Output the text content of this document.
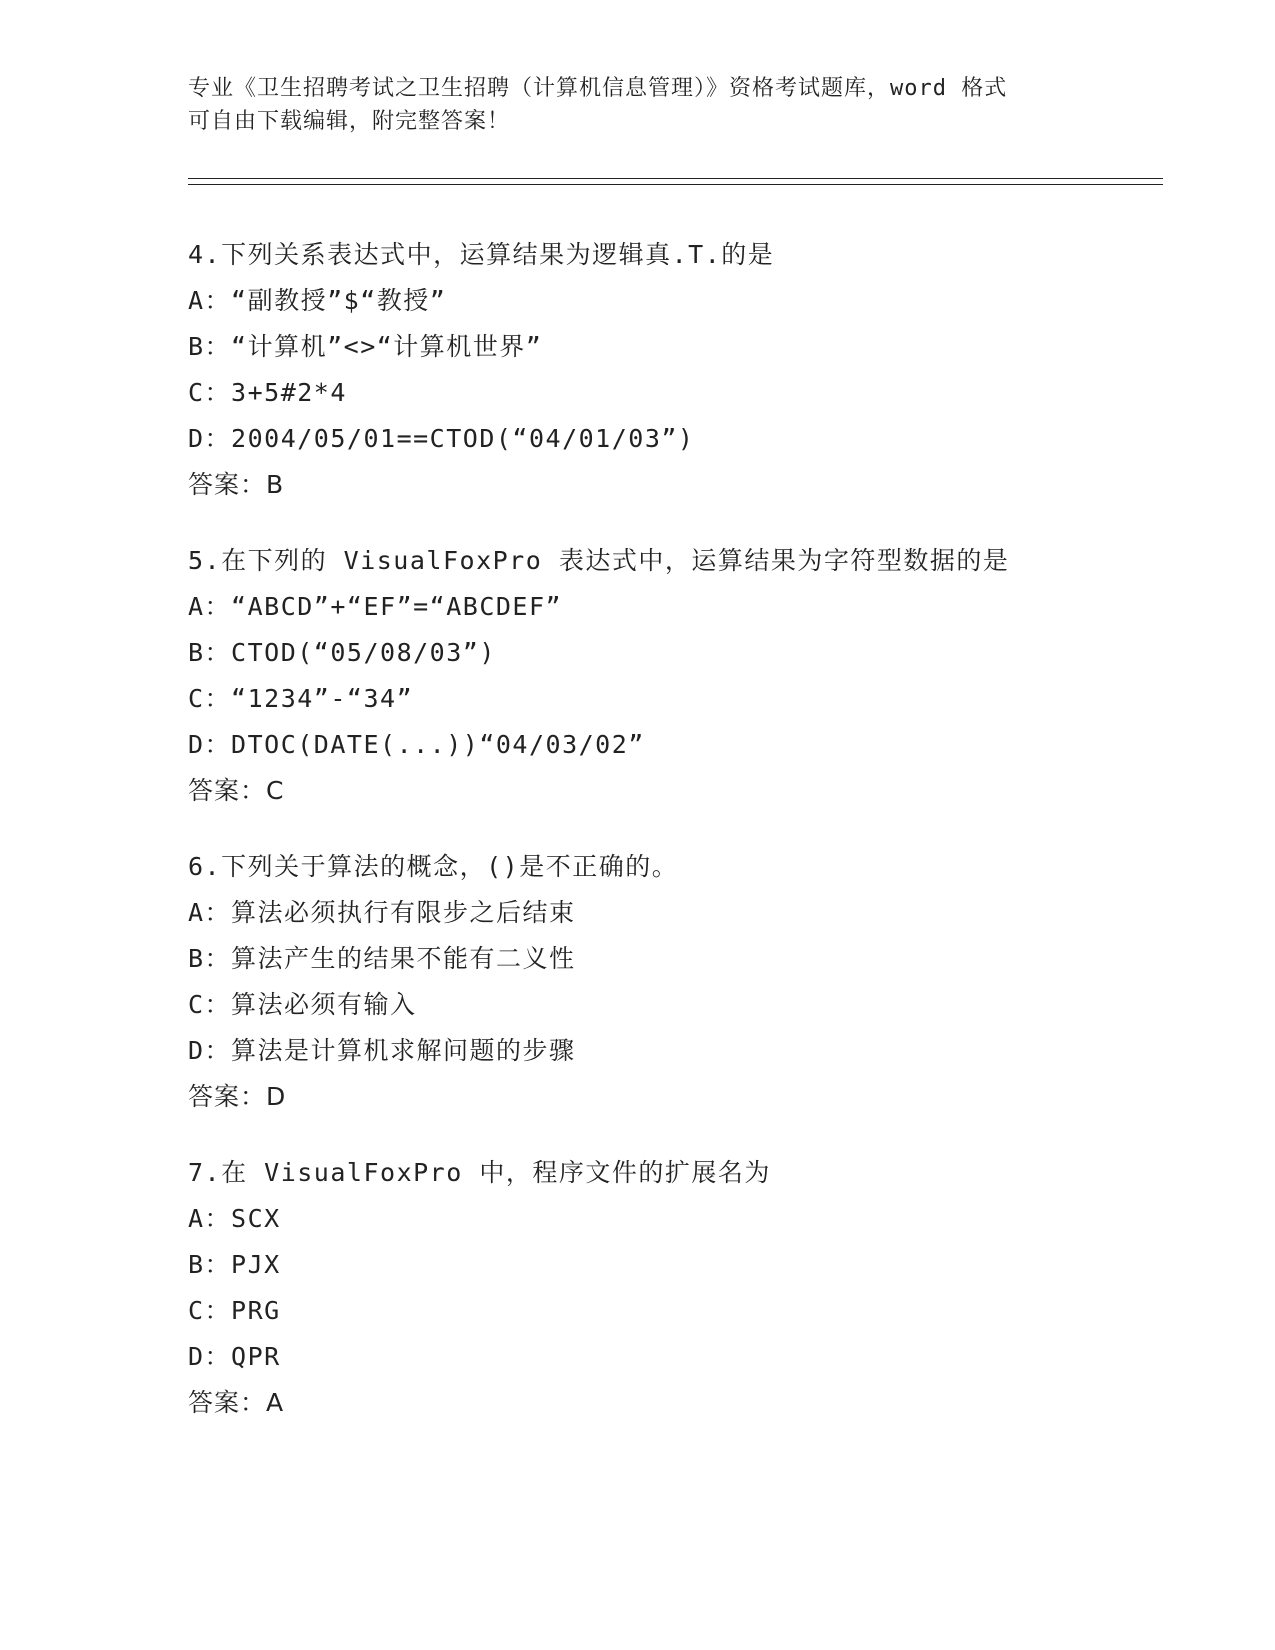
专业《卫生招聘考试之卫生招聘（计算机信息管理）》资格考试题库，word 格式
可自由下载编辑，附完整答案！
4.下列关系表达式中，运算结果为逻辑真.T.的是
A：“副教授”$“教授”
B：“计算机”<>“计算机世界”
C：3+5#2*4
D：2004/05/01==CTOD(“04/01/03”)
答案：B
5.在下列的 VisualFoxPro 表达式中，运算结果为字符型数据的是
A：“ABCD”+“EF”=“ABCDEF”
B：CTOD(“05/08/03”)
C：“1234”-“34”
D：DTOC(DATE(...))“04/03/02”
答案：C
6.下列关于算法的概念，()是不正确的。
A：算法必须执行有限步之后结束
B：算法产生的结果不能有二义性
C：算法必须有输入
D：算法是计算机求解问题的步骤
答案：D
7.在 VisualFoxPro 中，程序文件的扩展名为
A：SCX
B：PJX
C：PRG
D：QPR
答案：A
